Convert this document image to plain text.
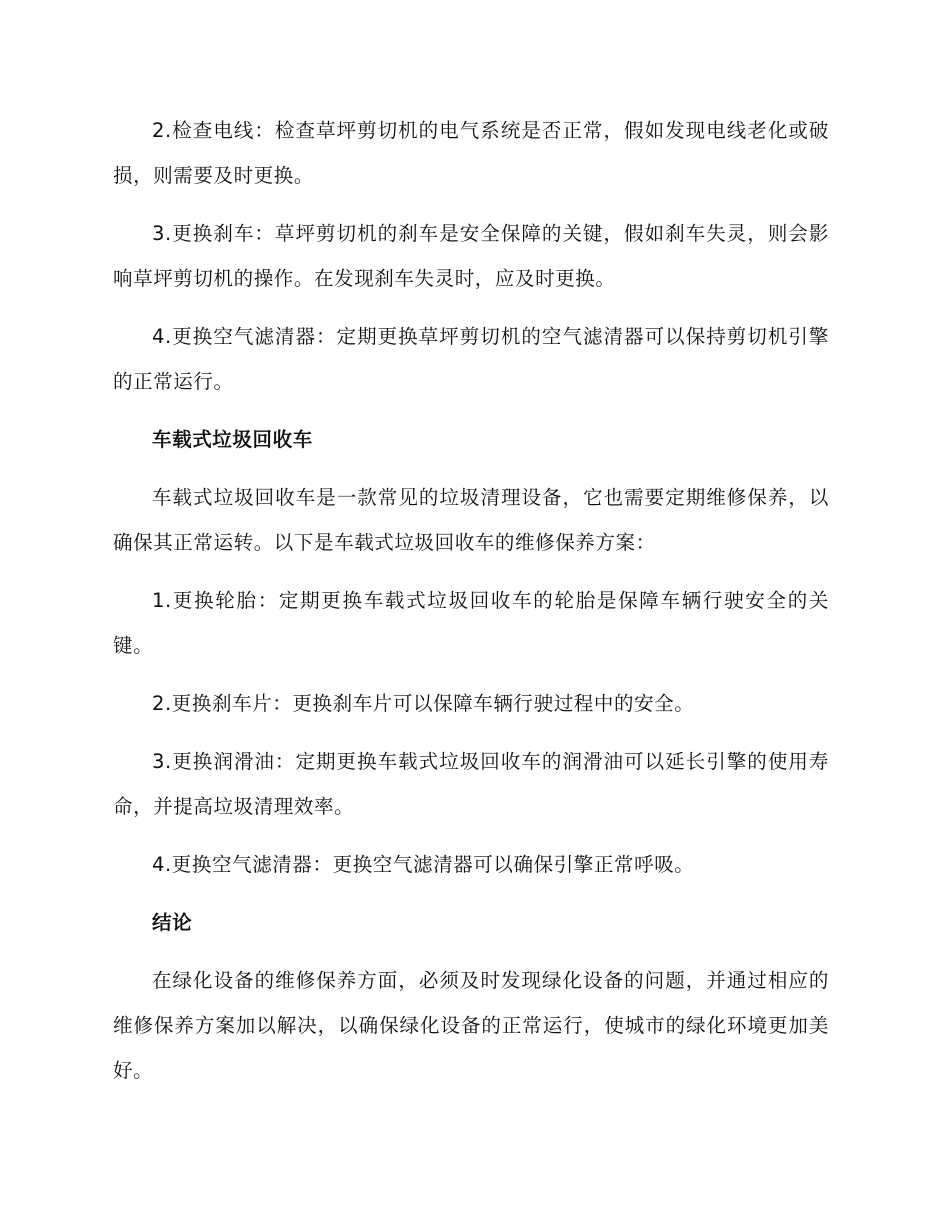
2.检查电线：检查草坪剪切机的电气系统是否正常，假如发现电线老化或破损，则需要及时更换。

3.更换刹车：草坪剪切机的刹车是安全保障的关键，假如刹车失灵，则会影响草坪剪切机的操作。在发现刹车失灵时，应及时更换。

4.更换空气滤清器：定期更换草坪剪切机的空气滤清器可以保持剪切机引擎的正常运行。

车载式垃圾回收车

车载式垃圾回收车是一款常见的垃圾清理设备，它也需要定期维修保养，以确保其正常运转。以下是车载式垃圾回收车的维修保养方案：

1.更换轮胎：定期更换车载式垃圾回收车的轮胎是保障车辆行驶安全的关键。

2.更换刹车片：更换刹车片可以保障车辆行驶过程中的安全。

3.更换润滑油：定期更换车载式垃圾回收车的润滑油可以延长引擎的使用寿命，并提高垃圾清理效率。

4.更换空气滤清器：更换空气滤清器可以确保引擎正常呼吸。

结论

在绿化设备的维修保养方面，必须及时发现绿化设备的问题，并通过相应的维修保养方案加以解决，以确保绿化设备的正常运行，使城市的绿化环境更加美好。
